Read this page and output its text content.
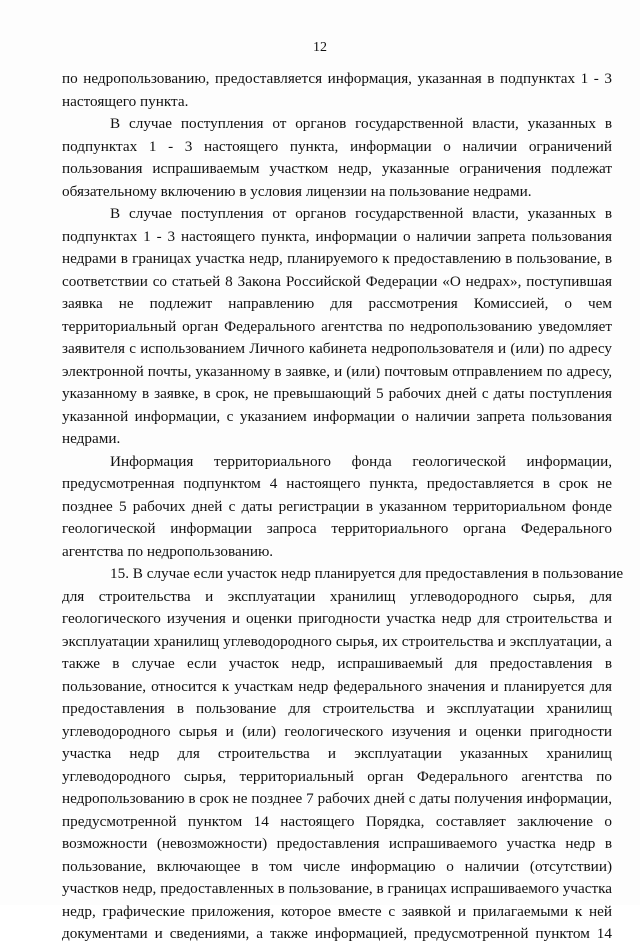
12
по недропользованию, предоставляется информация, указанная в подпунктах 1 - 3
настоящего пункта.
В случае поступления от органов государственной власти, указанных в
подпунктах 1 - 3 настоящего пункта, информации о наличии ограничений
пользования испрашиваемым участком недр, указанные ограничения подлежат
обязательному включению в условия лицензии на пользование недрами.
В случае поступления от органов государственной власти, указанных в
подпунктах 1 - 3 настоящего пункта, информации о наличии запрета пользования
недрами в границах участка недр, планируемого к предоставлению в пользование, в
соответствии со статьей 8 Закона Российской Федерации «О недрах», поступившая
заявка не подлежит направлению для рассмотрения Комиссией, о чем
территориальный орган Федерального агентства по недропользованию уведомляет
заявителя с использованием Личного кабинета недропользователя и (или) по адресу
электронной почты, указанному в заявке, и (или) почтовым отправлением по адресу,
указанному в заявке, в срок, не превышающий 5 рабочих дней с даты поступления
указанной информации, с указанием информации о наличии запрета пользования
недрами.
Информация территориального фонда геологической информации,
предусмотренная подпунктом 4 настоящего пункта, предоставляется в срок не
позднее 5 рабочих дней с даты регистрации в указанном территориальном фонде
геологической информации запроса территориального органа Федерального
агентства по недропользованию.
15. В случае если участок недр планируется для предоставления в пользование
для строительства и эксплуатации хранилищ углеводородного сырья, для
геологического изучения и оценки пригодности участка недр для строительства и
эксплуатации хранилищ углеводородного сырья, их строительства и эксплуатации, а
также в случае если участок недр, испрашиваемый для предоставления в
пользование, относится к участкам недр федерального значения и планируется для
предоставления в пользование для строительства и эксплуатации хранилищ
углеводородного сырья и (или) геологического изучения и оценки пригодности
участка недр для строительства и эксплуатации указанных хранилищ
углеводородного сырья, территориальный орган Федерального агентства по
недропользованию в срок не позднее 7 рабочих дней с даты получения информации,
предусмотренной пунктом 14 настоящего Порядка, составляет заключение о
возможности (невозможности) предоставления испрашиваемого участка недр в
пользование, включающее в том числе информацию о наличии (отсутствии)
участков недр, предоставленных в пользование, в границах испрашиваемого участка
недр, графические приложения, которое вместе с заявкой и прилагаемыми к ней
документами и сведениями, а также информацией, предусмотренной пунктом 14
